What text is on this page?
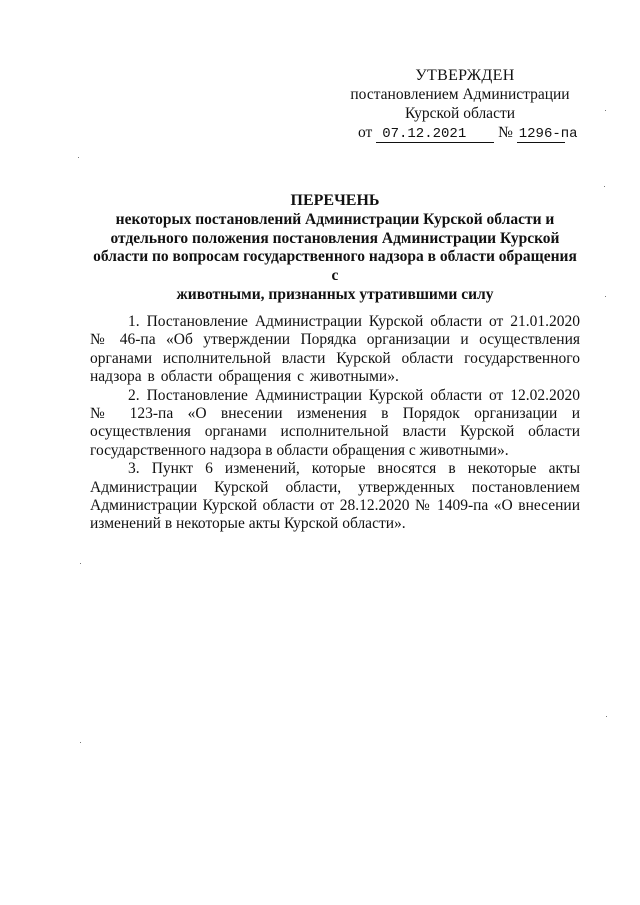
УТВЕРЖДЕН
постановлением Администрации
Курской области
от 07.12.2021 № 1296-па
ПЕРЕЧЕНЬ
некоторых постановлений Администрации Курской области и
отдельного положения постановления Администрации Курской
области по вопросам государственного надзора в области обращения с
животными, признанных утратившими силу

1. Постановление Администрации Курской области от 21.01.2020 № 46-па «Об утверждении Порядка организации и осуществления органами исполнительной власти Курской области государственного надзора в области обращения с животными».

2. Постановление Администрации Курской области от 12.02.2020 № 123-па «О внесении изменения в Порядок организации и осуществления органами исполнительной власти Курской области государственного надзора в области обращения с животными».

3. Пункт 6 изменений, которые вносятся в некоторые акты Администрации Курской области, утвержденных постановлением Администрации Курской области от 28.12.2020 № 1409-па «О внесении изменений в некоторые акты Курской области».
